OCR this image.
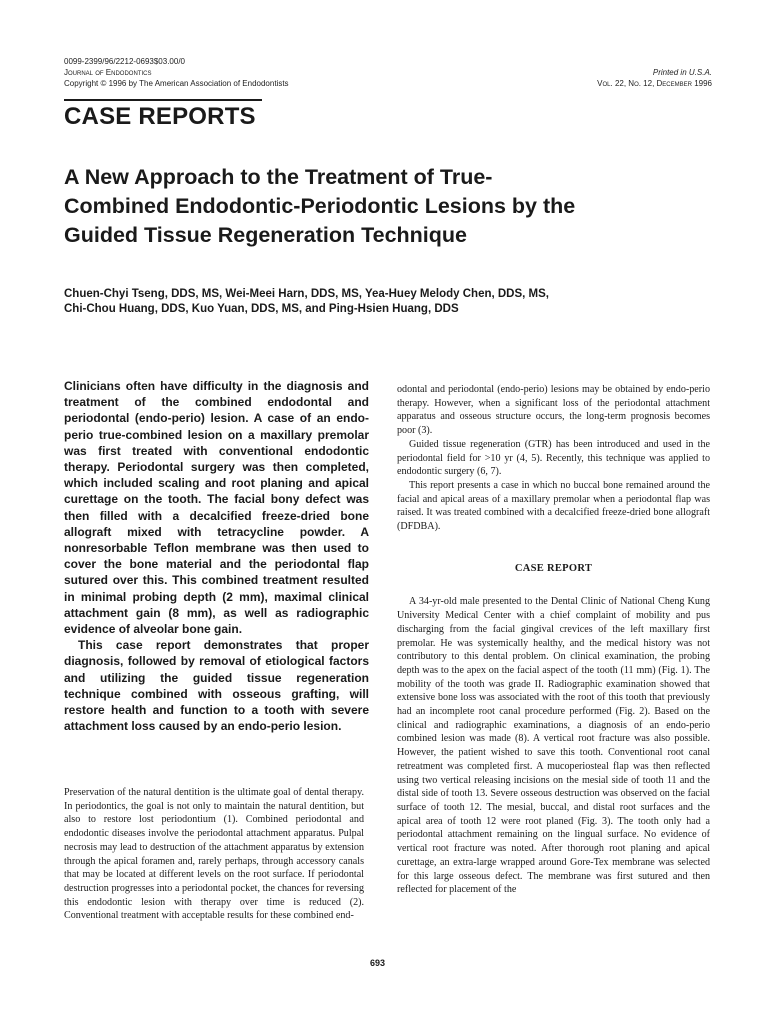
0099-2399/96/2212-0693$03.00/0
Journal of Endodontics
Copyright © 1996 by The American Association of Endodontists
Printed in U.S.A.
Vol. 22, No. 12, December 1996
CASE REPORTS
A New Approach to the Treatment of True-
Combined Endodontic-Periodontic Lesions by the
Guided Tissue Regeneration Technique
Chuen-Chyi Tseng, DDS, MS, Wei-Meei Harn, DDS, MS, Yea-Huey Melody Chen, DDS, MS,
Chi-Chou Huang, DDS, Kuo Yuan, DDS, MS, and Ping-Hsien Huang, DDS

Clinicians often have difficulty in the diagnosis and treatment of the combined endodontal and periodontal (endo-perio) lesion. A case of an endo-perio true-combined lesion on a maxillary premolar was first treated with conventional endodontic therapy. Periodontal surgery was then completed, which included scaling and root planing and apical curettage on the tooth. The facial bony defect was then filled with a decalcified freeze-dried bone allograft mixed with tetracycline powder. A nonresorbable Teflon membrane was then used to cover the bone material and the periodontal flap sutured over this. This combined treatment resulted in minimal probing depth (2 mm), maximal clinical attachment gain (8 mm), as well as radiographic evidence of alveolar bone gain.

This case report demonstrates that proper diagnosis, followed by removal of etiological factors and utilizing the guided tissue regeneration technique combined with osseous grafting, will restore health and function to a tooth with severe attachment loss caused by an endo-perio lesion.

Preservation of the natural dentition is the ultimate goal of dental therapy. In periodontics, the goal is not only to maintain the natural dentition, but also to restore lost periodontium (1). Combined periodontal and endodontic diseases involve the periodontal attachment apparatus. Pulpal necrosis may lead to destruction of the attachment apparatus by extension through the apical foramen and, rarely perhaps, through accessory canals that may be located at different levels on the root surface. If periodontal destruction progresses into a periodontal pocket, the chances for reversing this endodontic lesion with therapy over time is reduced (2). Conventional treatment with acceptable results for these combined end-

odontal and periodontal (endo-perio) lesions may be obtained by endo-perio therapy. However, when a significant loss of the periodontal attachment apparatus and osseous structure occurs, the long-term prognosis becomes poor (3).

Guided tissue regeneration (GTR) has been introduced and used in the periodontal field for >10 yr (4, 5). Recently, this technique was applied to endodontic surgery (6, 7).

This report presents a case in which no buccal bone remained around the facial and apical areas of a maxillary premolar when a periodontal flap was raised. It was treated combined with a decalcified freeze-dried bone allograft (DFDBA).

CASE REPORT

A 34-yr-old male presented to the Dental Clinic of National Cheng Kung University Medical Center with a chief complaint of mobility and pus discharging from the facial gingival crevices of the left maxillary first premolar. He was systemically healthy, and the medical history was not contributory to this dental problem. On clinical examination, the probing depth was to the apex on the facial aspect of the tooth (11 mm) (Fig. 1). The mobility of the tooth was grade II. Radiographic examination showed that extensive bone loss was associated with the root of this tooth that previously had an incomplete root canal procedure performed (Fig. 2). Based on the clinical and radiographic examinations, a diagnosis of an endo-perio combined lesion was made (8). A vertical root fracture was also possible. However, the patient wished to save this tooth. Conventional root canal retreatment was completed first. A mucoperiosteal flap was then reflected using two vertical releasing incisions on the mesial side of tooth 11 and the distal side of tooth 13. Severe osseous destruction was observed on the facial surface of tooth 12. The mesial, buccal, and distal root surfaces and the apical area of tooth 12 were root planed (Fig. 3). The tooth only had a periodontal attachment remaining on the lingual surface. No evidence of vertical root fracture was noted. After thorough root planing and apical curettage, an extra-large wrapped around Gore-Tex membrane was selected for this large osseous defect. The membrane was first sutured and then reflected for placement of the

693
